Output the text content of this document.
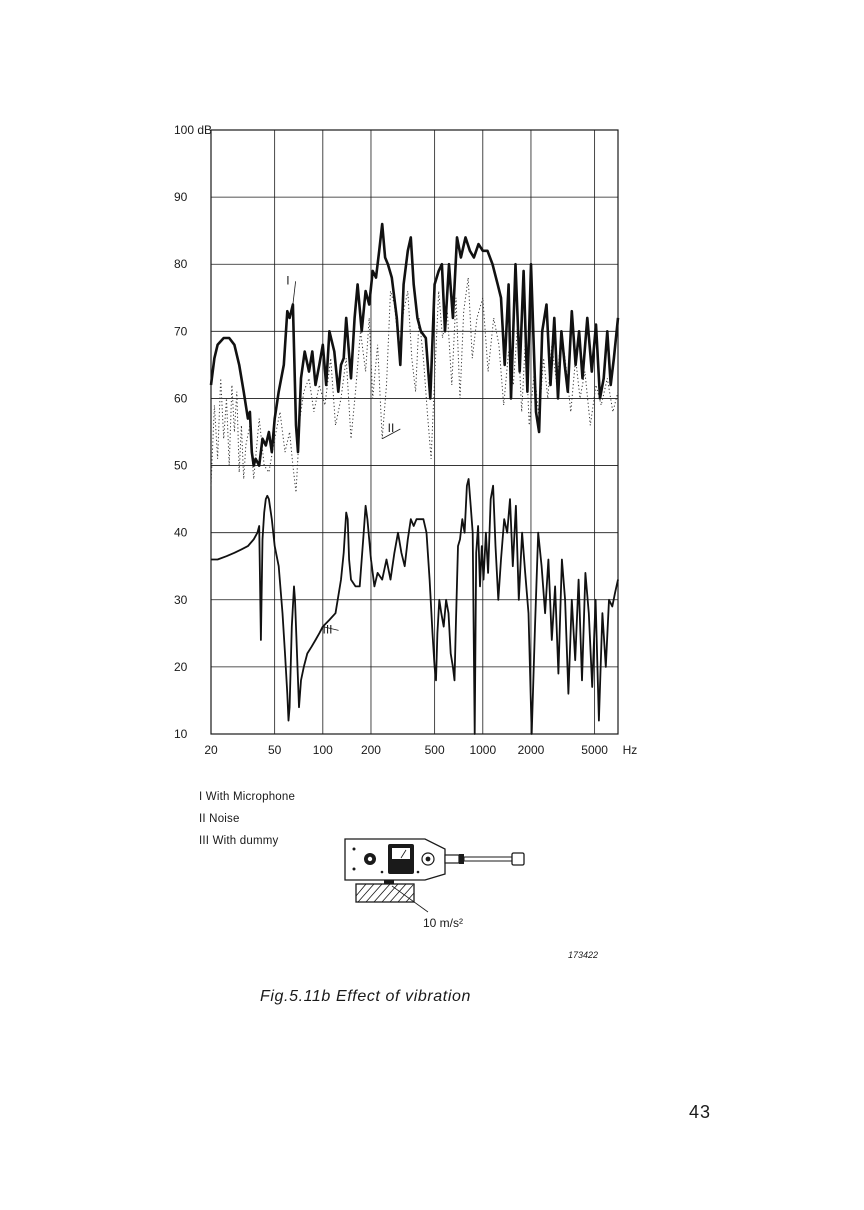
I
II
III
10
20
30
40
50
60
70
80
90
100 dB
20	50	100 200	500 1000 2000	5000 Hz
I With Microphone
II Noise
III With dummy
10 m/s²
173422
Fig.5.11b Effect of vibration
43
